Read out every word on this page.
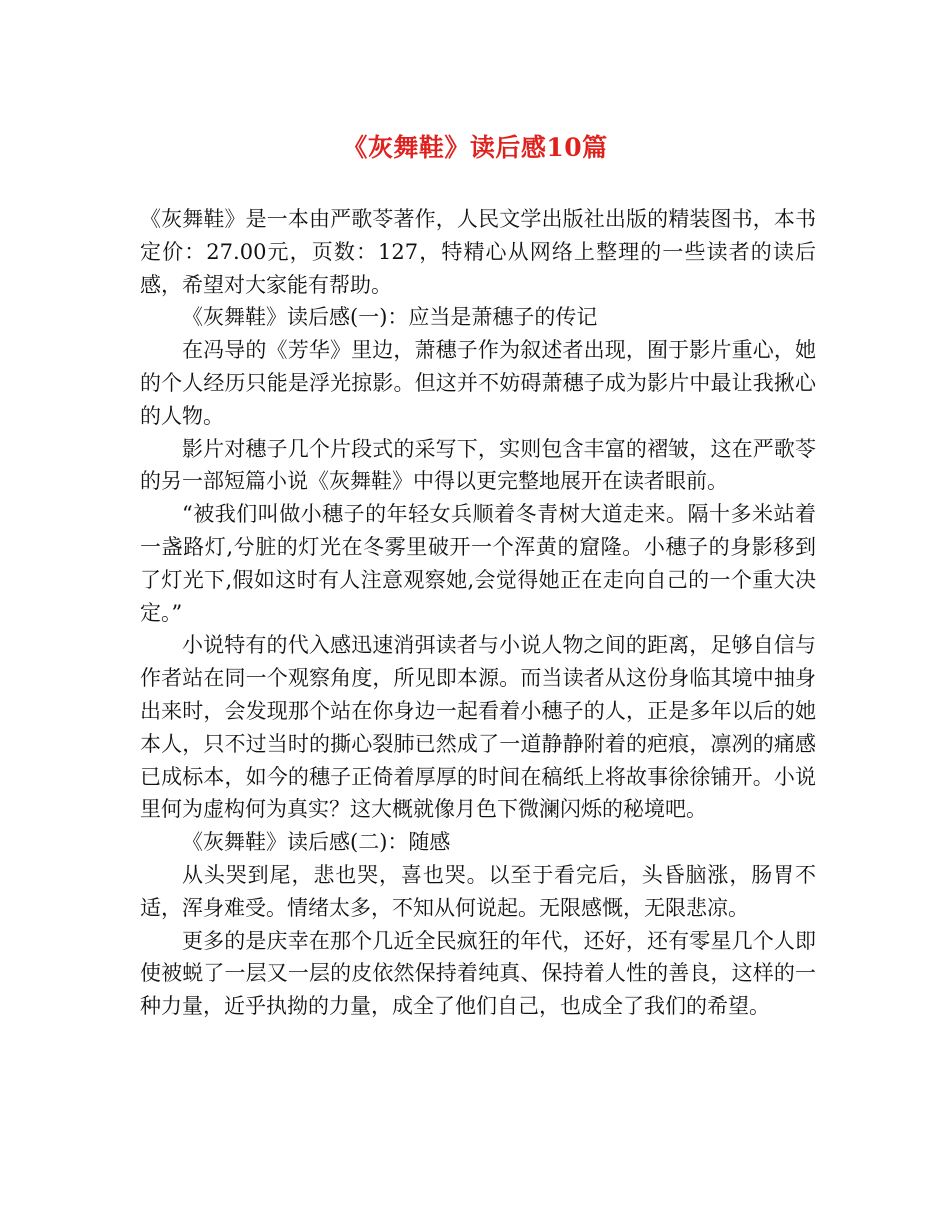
《灰舞鞋》读后感10篇

《灰舞鞋》是一本由严歌苓著作，人民文学出版社出版的精装图书，本书定价：27.00元，页数：127，特精心从网络上整理的一些读者的读后感，希望对大家能有帮助。

《灰舞鞋》读后感(一)：应当是萧穗子的传记

在冯导的《芳华》里边，萧穗子作为叙述者出现，囿于影片重心，她的个人经历只能是浮光掠影。但这并不妨碍萧穗子成为影片中最让我揪心的人物。

影片对穗子几个片段式的采写下，实则包含丰富的褶皱，这在严歌苓的另一部短篇小说《灰舞鞋》中得以更完整地展开在读者眼前。

“被我们叫做小穗子的年轻女兵顺着冬青树大道走来。隔十多米站着一盏路灯,兮脏的灯光在冬雾里破开一个浑黄的窟隆。小穗子的身影移到了灯光下,假如这时有人注意观察她,会觉得她正在走向自己的一个重大决定。”

小说特有的代入感迅速消弭读者与小说人物之间的距离，足够自信与作者站在同一个观察角度，所见即本源。而当读者从这份身临其境中抽身出来时，会发现那个站在你身边一起看着小穗子的人，正是多年以后的她本人，只不过当时的撕心裂肺已然成了一道静静附着的疤痕，凛冽的痛感已成标本，如今的穗子正倚着厚厚的时间在稿纸上将故事徐徐铺开。小说里何为虚构何为真实？这大概就像月色下微澜闪烁的秘境吧。

《灰舞鞋》读后感(二)：随感

从头哭到尾，悲也哭，喜也哭。以至于看完后，头昏脑涨，肠胃不适，浑身难受。情绪太多，不知从何说起。无限感慨，无限悲凉。

更多的是庆幸在那个几近全民疯狂的年代，还好，还有零星几个人即使被蜕了一层又一层的皮依然保持着纯真、保持着人性的善良，这样的一种力量，近乎执拗的力量，成全了他们自己，也成全了我们的希望。
